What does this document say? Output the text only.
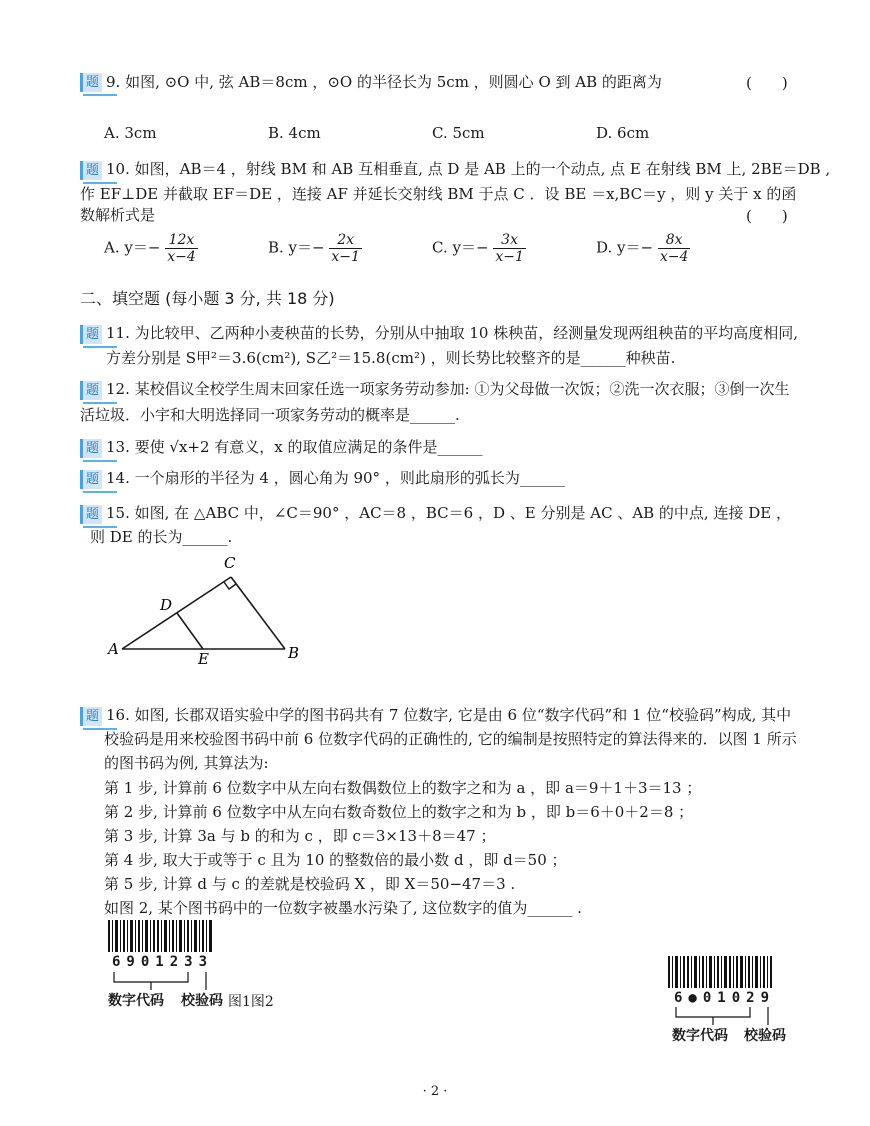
题 9. 如图, ⊙O 中, 弦 AB＝8cm ，⊙O 的半径长为 5cm ，则圆心 O 到 AB 的距离为	(　　)
A. 3cm	B. 4cm	C. 5cm	D. 6cm
题 10. 如图，AB＝4 ，射线 BM 和 AB 互相垂直, 点 D 是 AB 上的一个动点, 点 E 在射线 BM 上, 2BE＝DB ,
作 EF⊥DE 并截取 EF＝DE ，连接 AF 并延长交射线 BM 于点 C ．设 BE ＝x,BC＝y ，则 y 关于 x 的函
数解析式是	(　　)
A. $y=- \frac{12x}{x-4}$	B. $y=- \frac{2x}{x-1}$	C. $y=- \frac{3x}{x-1}$	D. $y=- \frac{8x}{x-4}$
二、填空题 (每小题 3 分, 共 18 分)
题 11. 为比较甲、乙两种小麦秧苗的长势，分别从中抽取 10 株秧苗，经测量发现两组秧苗的平均高度相同,
方差分别是 S甲²＝3.6(cm²), S乙²＝15.8(cm²) ，则长势比较整齐的是______种秧苗.
题 12. 某校倡议全校学生周末回家任选一项家务劳动参加: ①为父母做一次饭；②洗一次衣服；③倒一次生
活垃圾．小宇和大明选择同一项家务劳动的概率是______.
题 13. 要使 √x+2 有意义，x 的取值应满足的条件是______
题 14. 一个扇形的半径为 4 ，圆心角为 90° ，则此扇形的弧长为______
题 15. 如图, 在 △ABC 中，∠C＝90° ，AC＝8 ，BC＝6 ，D 、E 分别是 AC 、AB 的中点, 连接 DE ，
则 DE 的长为______.
A	B
C
D
E
题 16. 如图, 长郡双语实验中学的图书码共有 7 位数字, 它是由 6 位“数字代码”和 1 位“校验码”构成, 其中
校验码是用来校验图书码中前 6 位数字代码的正确性的, 它的编制是按照特定的算法得来的．以图 1 所示
的图书码为例, 其算法为:
第 1 步, 计算前 6 位数字中从左向右数偶数位上的数字之和为 a ，即 a＝9＋1＋3＝13 ；
第 2 步, 计算前 6 位数字中从左向右数奇数位上的数字之和为 b ，即 b＝6＋0＋2＝8 ；
第 3 步, 计算 3a 与 b 的和为 c ，即 c＝3×13＋8＝47 ；
第 4 步, 取大于或等于 c 且为 10 的整数倍的最小数 d ，即 d＝50 ；
第 5 步, 计算 d 与 c 的差就是校验码 X ，即 X＝50−47＝3 .
如图 2, 某个图书码中的一位数字被墨水污染了, 这位数字的值为______ .
6901233
数字代码 校验码 图1图2	6●01029
数字代码 校验码
· 2 ·
